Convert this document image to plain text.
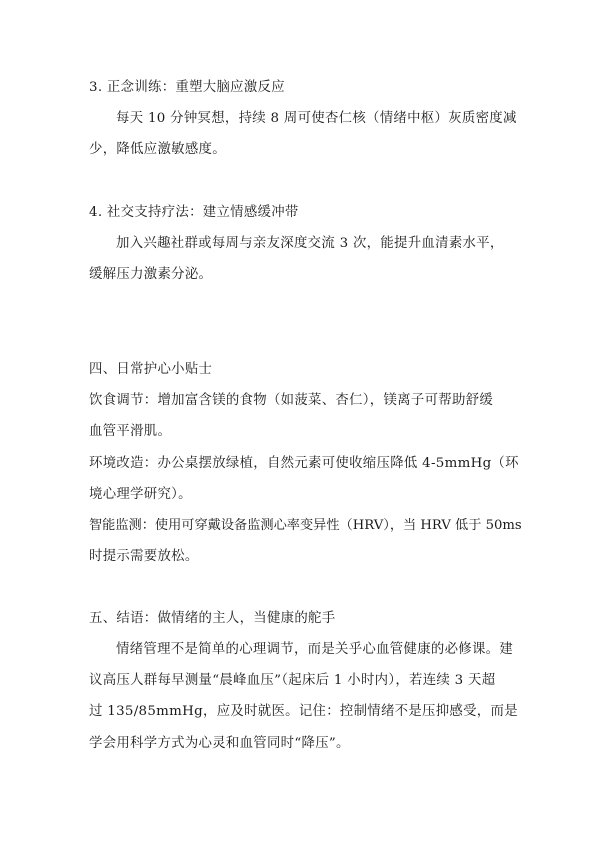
3. 正念训练：重塑大脑应激反应
每天 10 分钟冥想，持续 8 周可使杏仁核（情绪中枢）灰质密度减
少，降低应激敏感度。
4. 社交支持疗法：建立情感缓冲带
加入兴趣社群或每周与亲友深度交流 3 次，能提升血清素水平，
缓解压力激素分泌。
四、日常护心小贴士
饮食调节：增加富含镁的食物（如菠菜、杏仁），镁离子可帮助舒缓
血管平滑肌。
环境改造：办公桌摆放绿植，自然元素可使收缩压降低 4-5mmHg（环
境心理学研究）。
智能监测：使用可穿戴设备监测心率变异性（HRV），当 HRV 低于 50ms
时提示需要放松。
五、结语：做情绪的主人，当健康的舵手
情绪管理不是简单的心理调节，而是关乎心血管健康的必修课。建
议高压人群每早测量“晨峰血压”（起床后 1 小时内），若连续 3 天超
过 135/85mmHg，应及时就医。记住：控制情绪不是压抑感受，而是
学会用科学方式为心灵和血管同时“降压”。
